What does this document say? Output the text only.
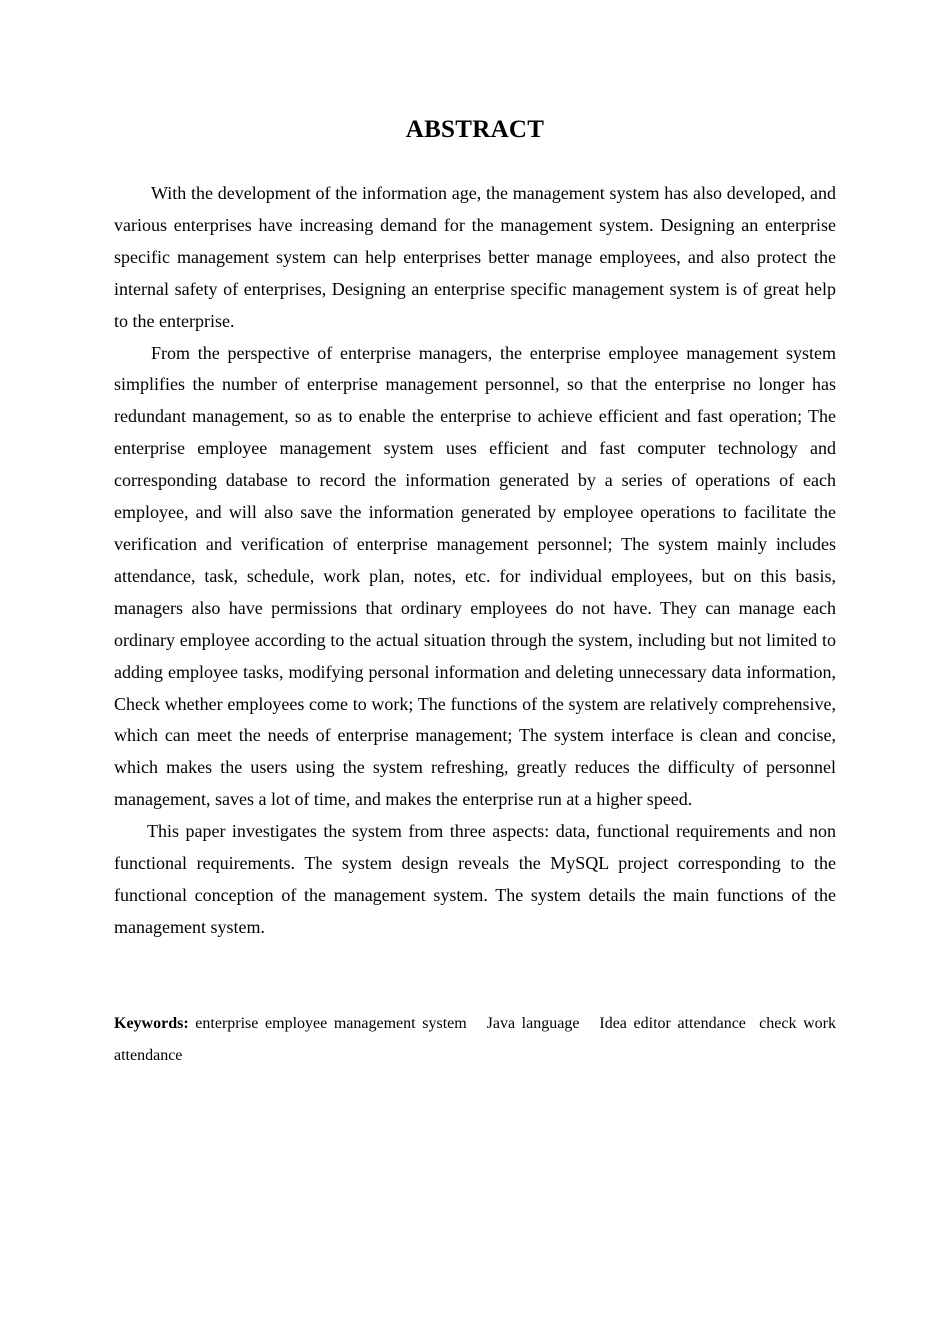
ABSTRACT

With the development of the information age, the management system has also developed, and various enterprises have increasing demand for the management system. Designing an enterprise specific management system can help enterprises better manage employees, and also protect the internal safety of enterprises, Designing an enterprise specific management system is of great help to the enterprise.

From the perspective of enterprise managers, the enterprise employee management system simplifies the number of enterprise management personnel, so that the enterprise no longer has redundant management, so as to enable the enterprise to achieve efficient and fast operation; The enterprise employee management system uses efficient and fast computer technology and corresponding database to record the information generated by a series of operations of each employee, and will also save the information generated by employee operations to facilitate the verification and verification of enterprise management personnel; The system mainly includes attendance, task, schedule, work plan, notes, etc. for individual employees, but on this basis, managers also have permissions that ordinary employees do not have. They can manage each ordinary employee according to the actual situation through the system, including but not limited to adding employee tasks, modifying personal information and deleting unnecessary data information, Check whether employees come to work; The functions of the system are relatively comprehensive, which can meet the needs of enterprise management; The system interface is clean and concise, which makes the users using the system refreshing, greatly reduces the difficulty of personnel management, saves a lot of time, and makes the enterprise run at a higher speed.

This paper investigates the system from three aspects: data, functional requirements and non functional requirements. The system design reveals the MySQL project corresponding to the functional conception of the management system. The system details the main functions of the management system.

Keywords: enterprise employee management system Java language Idea editor attendance check work attendance
